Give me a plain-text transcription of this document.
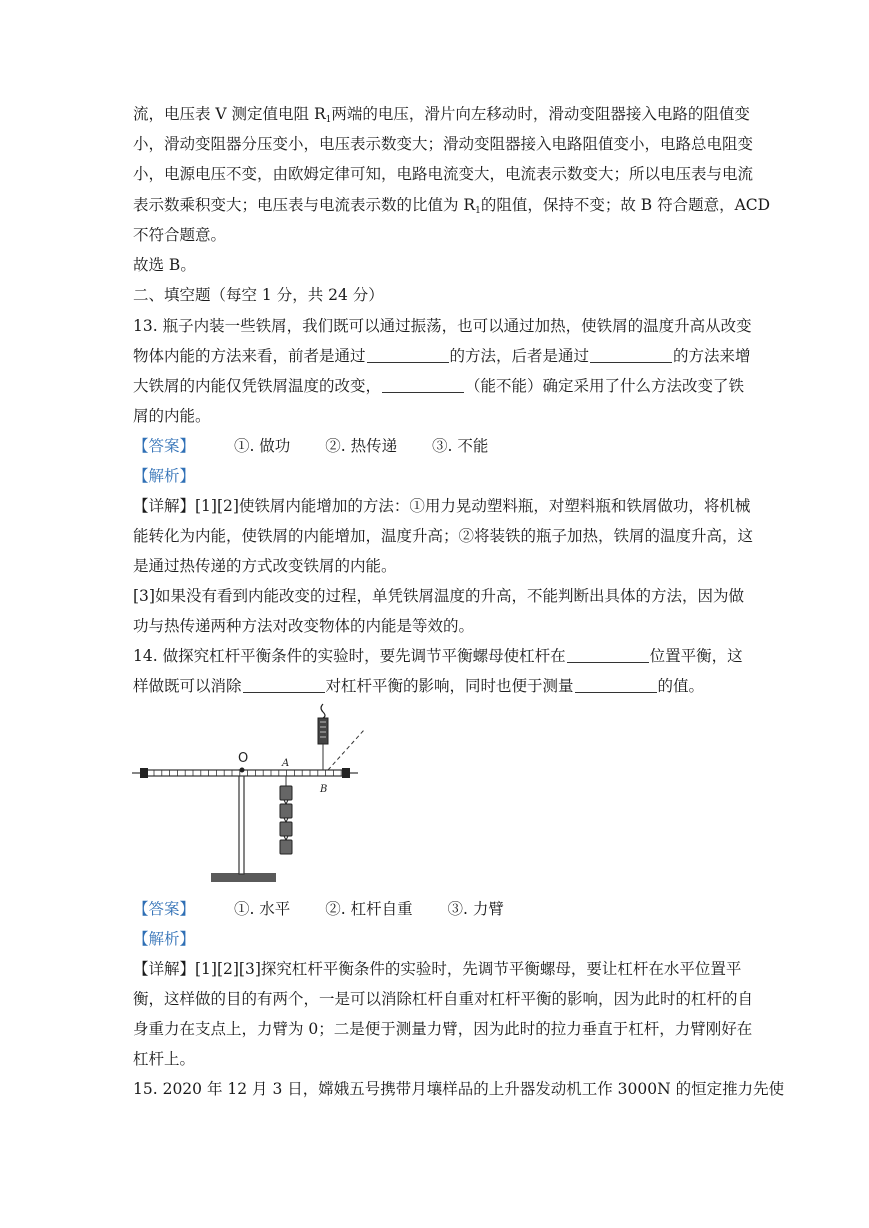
流，电压表 V 测定值电阻 $R_1$两端的电压，滑片向左移动时，滑动变阻器接入电路的阻值变
小，滑动变阻器分压变小，电压表示数变大；滑动变阻器接入电路阻值变小，电路总电阻变
小，电源电压不变，由欧姆定律可知，电路电流变大，电流表示数变大；所以电压表与电流
表示数乘积变大；电压表与电流表示数的比值为 $R_1$的阻值，保持不变；故 B 符合题意，ACD
不符合题意。
故选 B。
二、填空题（每空 1 分，共 24 分）
13. 瓶子内装一些铁屑，我们既可以通过振荡，也可以通过加热，使铁屑的温度升高从改变
物体内能的方法来看，前者是通过	的方法，后者是通过	的方法来增
大铁屑的内能仅凭铁屑温度的改变，	（能不能）确定采用了什么方法改变了铁
屑的内能。
【答案】	①. 做功 ②. 热传递 ③. 不能
【解析】
【详解】[1][2]使铁屑内能增加的方法：①用力晃动塑料瓶，对塑料瓶和铁屑做功，将机械
能转化为内能，使铁屑的内能增加，温度升高；②将装铁的瓶子加热，铁屑的温度升高，这
是通过热传递的方式改变铁屑的内能。
[3]如果没有看到内能改变的过程，单凭铁屑温度的升高，不能判断出具体的方法，因为做
功与热传递两种方法对改变物体的内能是等效的。
14. 做探究杠杆平衡条件的实验时，要先调节平衡螺母使杠杆在	位置平衡，这
样做既可以消除	对杠杆平衡的影响，同时也便于测量	的值。
O	A
B
【答案】	①. 水平 ②. 杠杆自重 ③. 力臂
【解析】
【详解】[1][2][3]探究杠杆平衡条件的实验时，先调节平衡螺母，要让杠杆在水平位置平
衡，这样做的目的有两个，一是可以消除杠杆自重对杠杆平衡的影响，因为此时的杠杆的自
身重力在支点上，力臂为 0；二是便于测量力臂，因为此时的拉力垂直于杠杆，力臂刚好在
杠杆上。
15. 2020 年 12 月 3 日，嫦娥五号携带月壤样品的上升器发动机工作 3000N 的恒定推力先使
